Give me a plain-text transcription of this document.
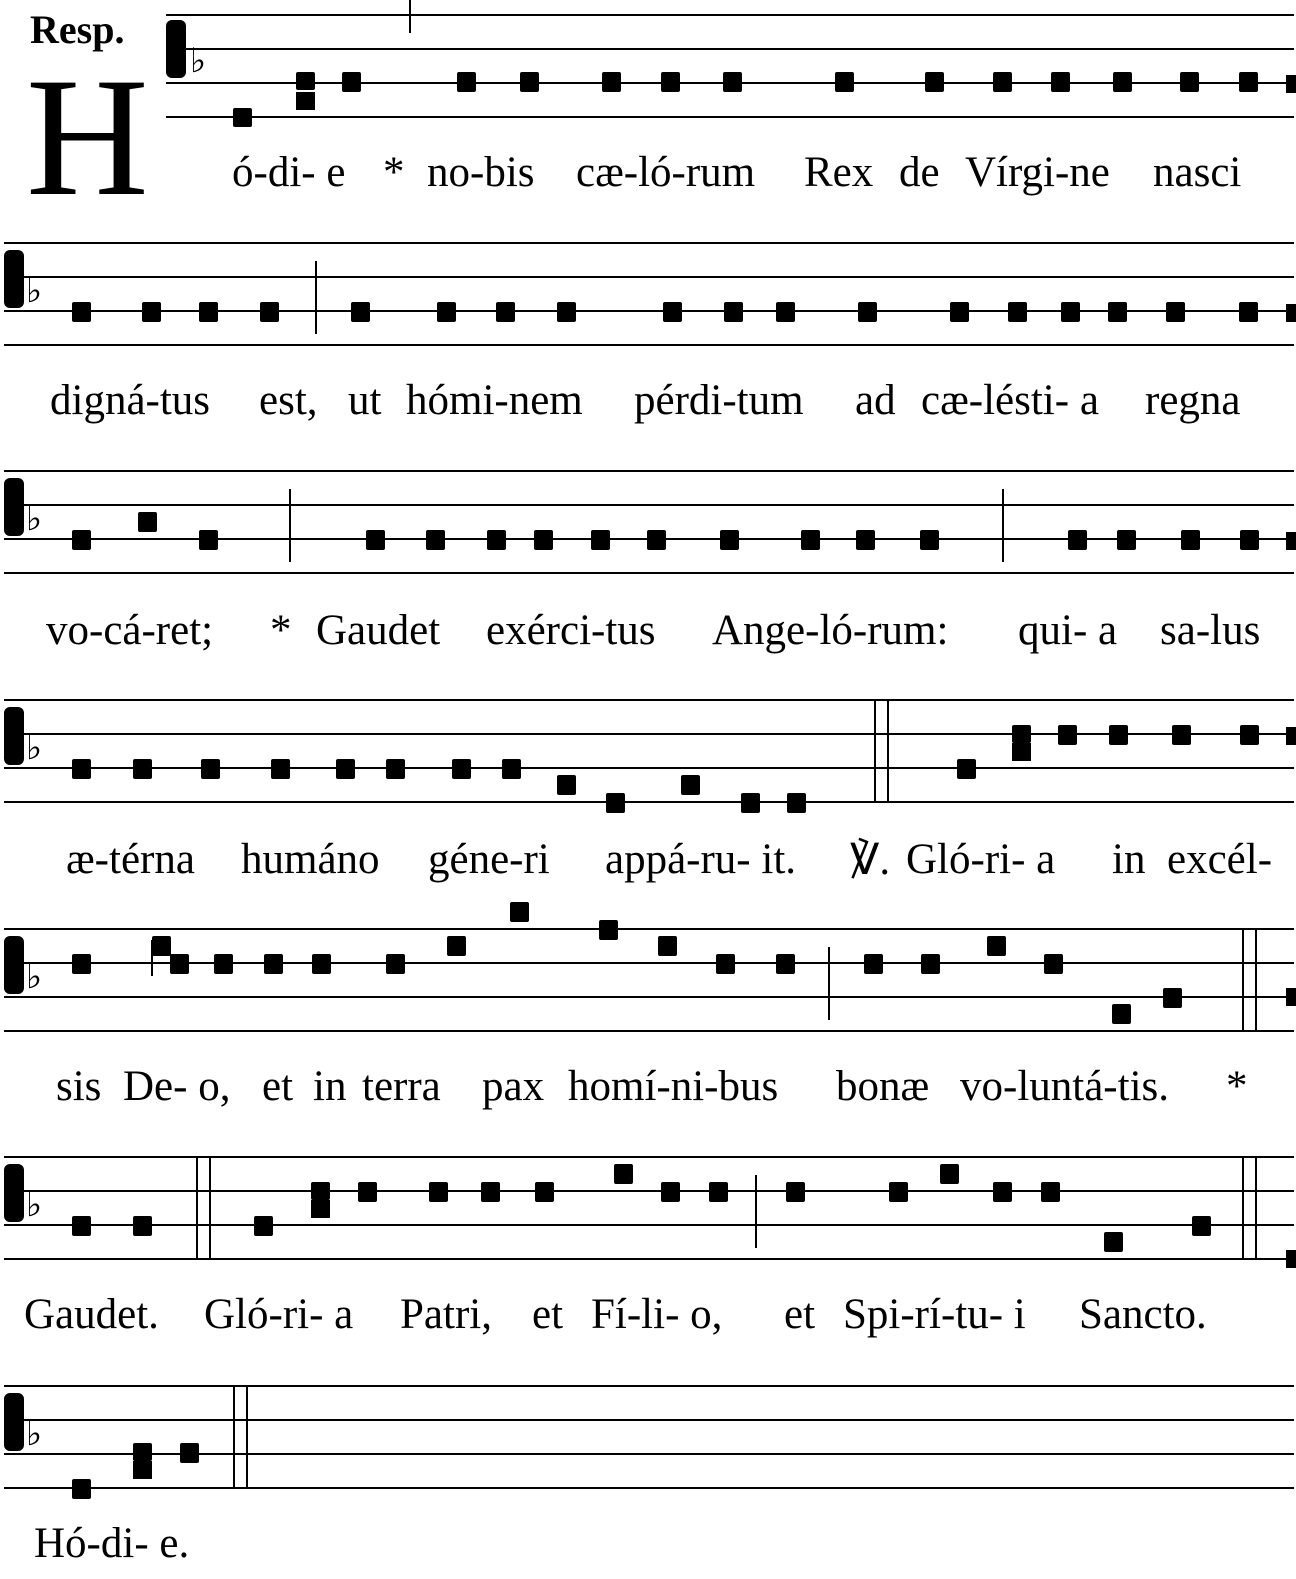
Resp.
H ♭
ó-di- e * no-bis cæ-ló-rum Rex de Vírgi-ne nasci
♭
digná-tus est, ut hómi-nem pérdi-tum ad cæ-lésti- a regna
♭
vo-cá-ret; * Gaudet exérci-tus Ange-ló-rum: qui- a sa-lus
♭
æ-térna humáno géne-ri appá-ru- it. ℣. Gló-ri- a in excél-
♭
sis De- o, et in terra pax homí-ni-bus bonæ vo-luntá-tis. *
♭
Gaudet. Gló-ri- a Patri, et Fí-li- o, et Spi-rí-tu- i Sancto.
♭
Hó-di- e.
